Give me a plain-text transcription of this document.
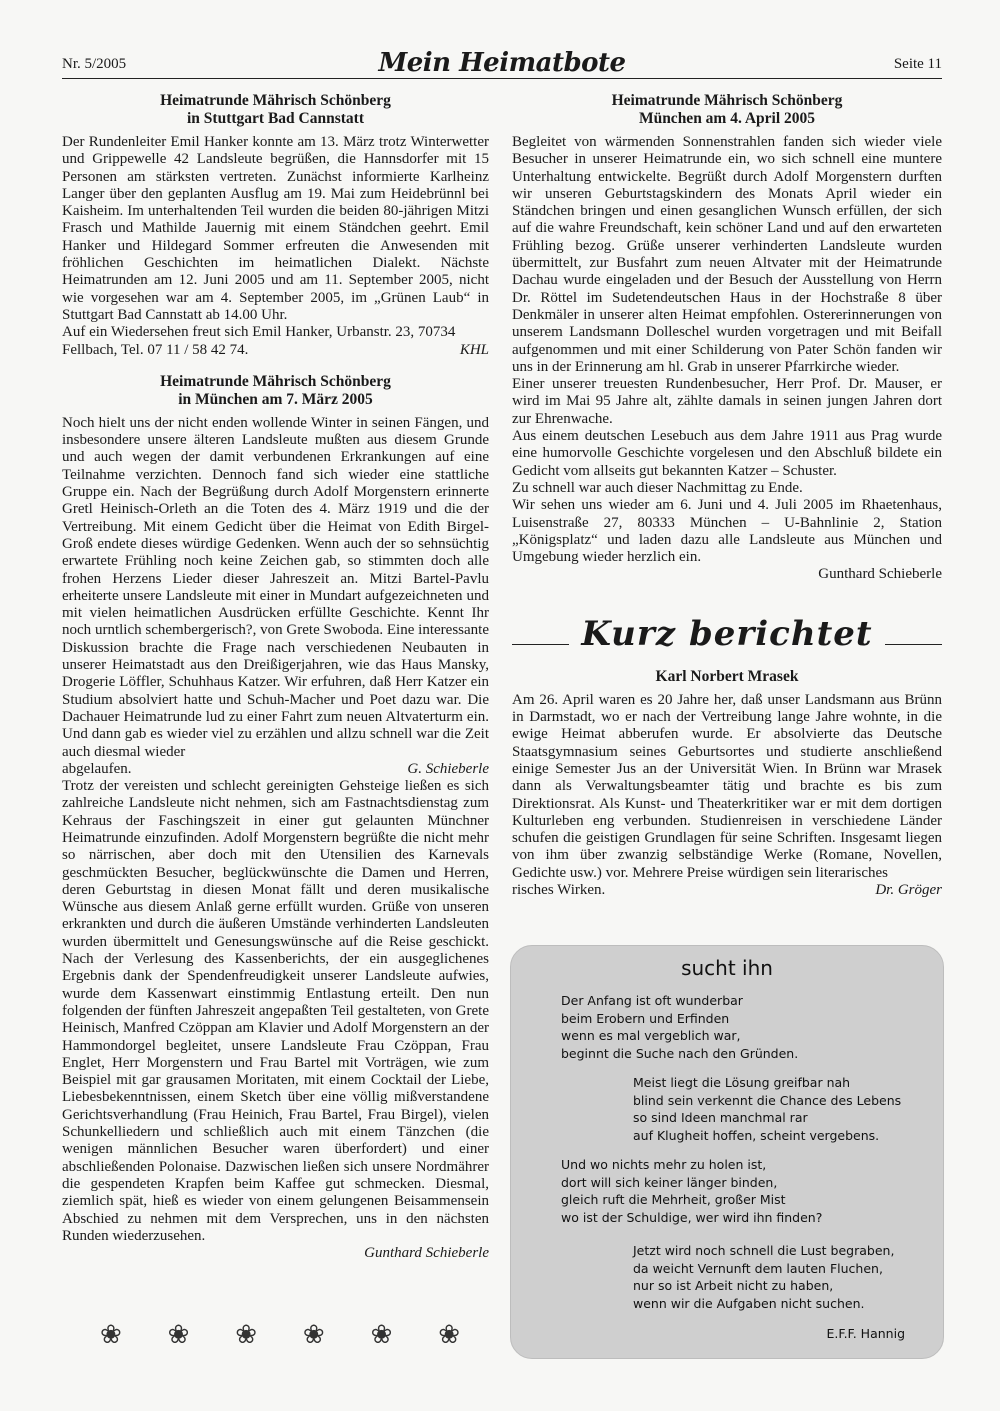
Nr. 5/2005	Mein Heimatbote	Seite 11
Heimatrunde Mährisch Schönberg
in Stuttgart Bad Cannstatt

Der Rundenleiter Emil Hanker konnte am 13. März trotz Winterwetter und Grippewelle 42 Landsleute begrüßen, die Hannsdorfer mit 15 Personen am stärksten vertreten. Zunächst informierte Karlheinz Langer über den geplanten Ausflug am 19. Mai zum Heidebrünnl bei Kaisheim. Im unterhaltenden Teil wurden die beiden 80-jährigen Mitzi Frasch und Mathilde Jauernig mit einem Ständchen geehrt. Emil Hanker und Hildegard Sommer erfreuten die Anwesenden mit fröhlichen Geschichten im heimatlichen Dialekt. Nächste Heimatrunden am 12. Juni 2005 und am 11. September 2005, nicht wie vorgesehen war am 4. September 2005, im „Grünen Laub“ in Stuttgart Bad Cannstatt ab 14.00 Uhr.

Auf ein Wiedersehen freut sich Emil Hanker, Urbanstr. 23, 70734

Fellbach, Tel. 07 11 / 58 42 74.	KHL
Heimatrunde Mährisch Schönberg
in München am 7. März 2005

Noch hielt uns der nicht enden wollende Winter in seinen Fängen, und insbesondere unsere älteren Landsleute mußten aus diesem Grunde und auch wegen der damit verbundenen Erkrankungen auf eine Teilnahme verzichten. Dennoch fand sich wieder eine stattliche Gruppe ein. Nach der Begrüßung durch Adolf Morgenstern erinnerte Gretl Heinisch-Orleth an die Toten des 4. März 1919 und die der Vertreibung. Mit einem Gedicht über die Heimat von Edith Birgel-Groß endete dieses würdige Gedenken. Wenn auch der so sehnsüchtig erwartete Frühling noch keine Zeichen gab, so stimmten doch alle frohen Herzens Lieder dieser Jahreszeit an. Mitzi Bartel-Pavlu erheiterte unsere Landsleute mit einer in Mundart aufgezeichneten und mit vielen heimatlichen Ausdrücken erfüllte Geschichte. Kennt Ihr noch urntlich schembergerisch?, von Grete Swoboda. Eine interessante Diskussion brachte die Frage nach verschiedenen Neubauten in unserer Heimatstadt aus den Dreißigerjahren, wie das Haus Mansky, Drogerie Löffler, Schuhhaus Katzer. Wir erfuhren, daß Herr Katzer ein Studium absolviert hatte und Schuh-Macher und Poet dazu war. Die Dachauer Heimatrunde lud zu einer Fahrt zum neuen Altvaterturm ein. Und dann gab es wieder viel zu erzählen und allzu schnell war die Zeit auch diesmal wieder

abgelaufen.	G. Schieberle

Trotz der vereisten und schlecht gereinigten Gehsteige ließen es sich zahlreiche Landsleute nicht nehmen, sich am Fastnachtsdienstag zum Kehraus der Faschingszeit in einer gut gelaunten Münchner Heimatrunde einzufinden. Adolf Morgenstern begrüßte die nicht mehr so närrischen, aber doch mit den Utensilien des Karnevals geschmückten Besucher, beglückwünschte die Damen und Herren, deren Geburtstag in diesen Monat fällt und deren musikalische Wünsche aus diesem Anlaß gerne erfüllt wurden. Grüße von unseren erkrankten und durch die äußeren Umstände verhinderten Landsleuten wurden übermittelt und Genesungswünsche auf die Reise geschickt. Nach der Verlesung des Kassenberichts, der ein ausgeglichenes Ergebnis dank der Spendenfreudigkeit unserer Landsleute aufwies, wurde dem Kassenwart einstimmig Entlastung erteilt. Den nun folgenden der fünften Jahreszeit angepaßten Teil gestalteten, von Grete Heinisch, Manfred Czöppan am Klavier und Adolf Morgenstern an der Hammondorgel begleitet, unsere Landsleute Frau Czöppan, Frau Englet, Herr Morgenstern und Frau Bartel mit Vorträgen, wie zum Beispiel mit gar grausamen Moritaten, mit einem Cocktail der Liebe, Liebesbekenntnissen, einem Sketch über eine völlig mißverstandene Gerichtsverhandlung (Frau Heinich, Frau Bartel, Frau Birgel), vielen Schunkelliedern und schließlich auch mit einem Tänzchen (die wenigen männlichen Besucher waren überfordert) und einer abschließenden Polonaise. Dazwischen ließen sich unsere Nordmährer die gespendeten Krapfen beim Kaffee gut schmecken. Diesmal, ziemlich spät, hieß es wieder von einem gelungenen Beisammensein Abschied zu nehmen mit dem Versprechen, uns in den nächsten Runden wiederzusehen.

Gunthard Schieberle
❀ ❀ ❀ ❀ ❀ ❀
Heimatrunde Mährisch Schönberg
München am 4. April 2005

Begleitet von wärmenden Sonnenstrahlen fanden sich wieder viele Besucher in unserer Heimatrunde ein, wo sich schnell eine muntere Unterhaltung entwickelte. Begrüßt durch Adolf Morgenstern durften wir unseren Geburtstagskindern des Monats April wieder ein Ständchen bringen und einen gesanglichen Wunsch erfüllen, der sich auf die wahre Freundschaft, kein schöner Land und auf den erwarteten Frühling bezog. Grüße unserer verhinderten Landsleute wurden übermittelt, zur Busfahrt zum neuen Altvater mit der Heimatrunde Dachau wurde eingeladen und der Besuch der Ausstellung von Herrn Dr. Röttel im Sudetendeutschen Haus in der Hochstraße 8 über Denkmäler in unserer alten Heimat empfohlen. Ostererinnerungen von unserem Landsmann Dolleschel wurden vorgetragen und mit Beifall aufgenommen und mit einer Schilderung von Pater Schön fanden wir uns in der Erinnerung am hl. Grab in unserer Pfarrkirche wieder.

Einer unserer treuesten Rundenbesucher, Herr Prof. Dr. Mauser, er wird im Mai 95 Jahre alt, zählte damals in seinen jungen Jahren dort zur Ehrenwache.

Aus einem deutschen Lesebuch aus dem Jahre 1911 aus Prag wurde eine humorvolle Geschichte vorgelesen und den Abschluß bildete ein Gedicht vom allseits gut bekannten Katzer – Schuster.

Zu schnell war auch dieser Nachmittag zu Ende.

Wir sehen uns wieder am 6. Juni und 4. Juli 2005 im Rhaetenhaus, Luisenstraße 27, 80333 München – U-Bahnlinie 2, Station „Königsplatz“ und laden dazu alle Landsleute aus München und Umgebung wieder herzlich ein.

Gunthard Schieberle
Kurz berichtet
Karl Norbert Mrasek

Am 26. April waren es 20 Jahre her, daß unser Landsmann aus Brünn in Darmstadt, wo er nach der Vertreibung lange Jahre wohnte, in die ewige Heimat abberufen wurde. Er absolvierte das Deutsche Staatsgymnasium seines Geburtsortes und studierte anschließend einige Semester Jus an der Universität Wien. In Brünn war Mrasek dann als Verwaltungsbeamter tätig und brachte es bis zum Direktionsrat. Als Kunst- und Theaterkritiker war er mit dem dortigen Kulturleben eng verbunden. Studienreisen in verschiedene Länder schufen die geistigen Grundlagen für seine Schriften. Insgesamt liegen von ihm über zwanzig selbständige Werke (Romane, Novellen, Gedichte usw.) vor. Mehrere Preise würdigen sein literarisches

risches Wirken.	Dr. Gröger
sucht ihn
Der Anfang ist oft wunderbar
beim Erobern und Erfinden
wenn es mal vergeblich war,
beginnt die Suche nach den Gründen.
Meist liegt die Lösung greifbar nah
blind sein verkennt die Chance des Lebens
so sind Ideen manchmal rar
auf Klugheit hoffen, scheint vergebens.
Und wo nichts mehr zu holen ist,
dort will sich keiner länger binden,
gleich ruft die Mehrheit, großer Mist
wo ist der Schuldige, wer wird ihn finden?
Jetzt wird noch schnell die Lust begraben,
da weicht Vernunft dem lauten Fluchen,
nur so ist Arbeit nicht zu haben,
wenn wir die Aufgaben nicht suchen.
E.F.F. Hannig
